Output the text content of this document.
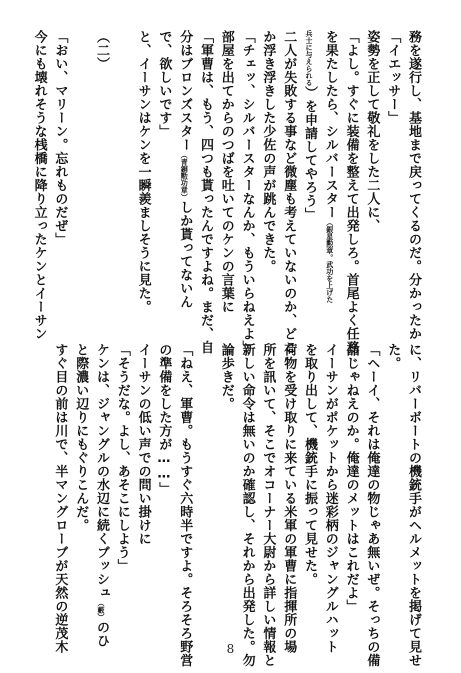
務を遂行し、基地まで戻ってくるのだ。分かったか
「イエッサー」
姿勢を正して敬礼をした二人に、
「よし。すぐに装備を整えて出発しろ。首尾よく任務
を果たしたら、シルバースター（銀星勲章。武功を上げた
兵士に与えられる）を申請してやろう」
二人が失敗する事など微塵も考えていないのか、どこ
か浮き浮きした少佐の声が跳んできた。
「チェッ、シルバースターなんか、もういらねえよ」
部屋を出てからのつばを吐いてのケンの言葉に
「軍曹は、もう、四つも貰ったんですよね。まだ、自
分はブロンズスター（青銅勲功章）しか貰ってないん
で、欲しいです」
と、イーサンはケンを一瞬羨ましそうに見た。
（二）
「おい、マリーン。忘れものだぜ」
今にも壊れそうな桟橋に降り立ったケンとイーサン
に、リバーボートの機銃手がヘルメットを掲げて見せ
た。
「ヘーイ、それは俺達の物じゃあ無いぜ。そっちの備
品じゃねえのか。俺達のメットはこれだよ」
イーサンがポケットから迷彩柄のジャングルハット
を取り出して、機銃手に振って見せた。
荷物を受け取りに来ている米軍の軍曹に指揮所の場
所を訊いて、そこでオコーナー大尉から詳しい情報と
新しい命令は無いのか確認し、それから出発した。勿
論歩きだ。
「ねえ、軍曹。もうすぐ六時半ですよ。そろそろ野営
の準備をした方が……」
イーサンの低い声での問い掛けに
「そうだな。よし、あそこにしよう」
ケンは、ジャングルの水辺に続くブッシュ（藪）のひ
と際濃い辺りにもぐりこんだ。
すぐ目の前は川で、半マングローブが天然の逆茂木	8
